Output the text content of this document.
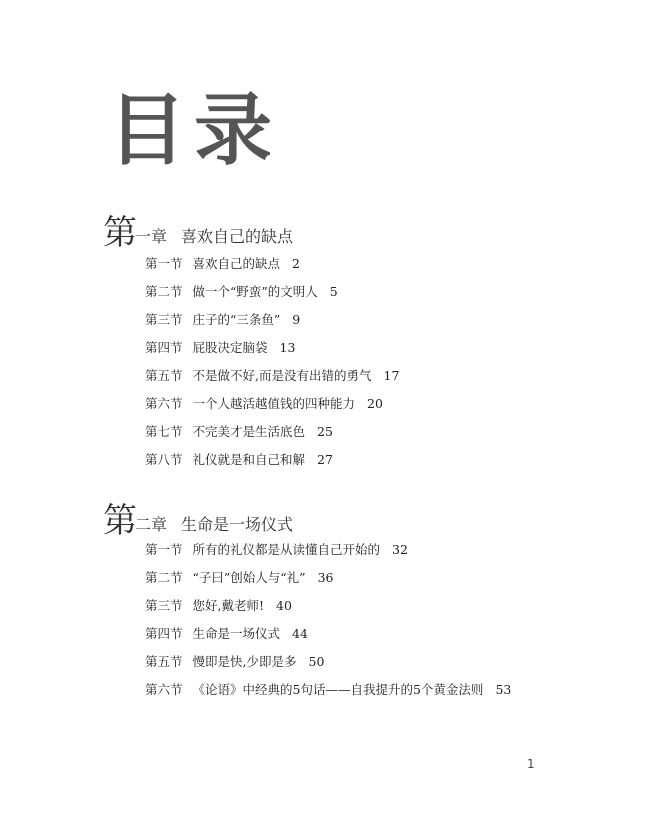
目录
第
一章 喜欢自己的缺点
第一节 喜欢自己的缺点 2
第二节 做一个“野蛮”的文明人 5
第三节 庄子的“三条鱼” 9
第四节 屁股决定脑袋 13
第五节 不是做不好,而是没有出错的勇气 17
第六节 一个人越活越值钱的四种能力 20
第七节 不完美才是生活底色 25
第八节 礼仪就是和自己和解 27
第
二章 生命是一场仪式
第一节 所有的礼仪都是从读懂自己开始的 32
第二节 “子曰”创始人与“礼” 36
第三节 您好,戴老师! 40
第四节 生命是一场仪式 44
第五节 慢即是快,少即是多 50
第六节 《论语》中经典的5句话——自我提升的5个黄金法则 53
1
